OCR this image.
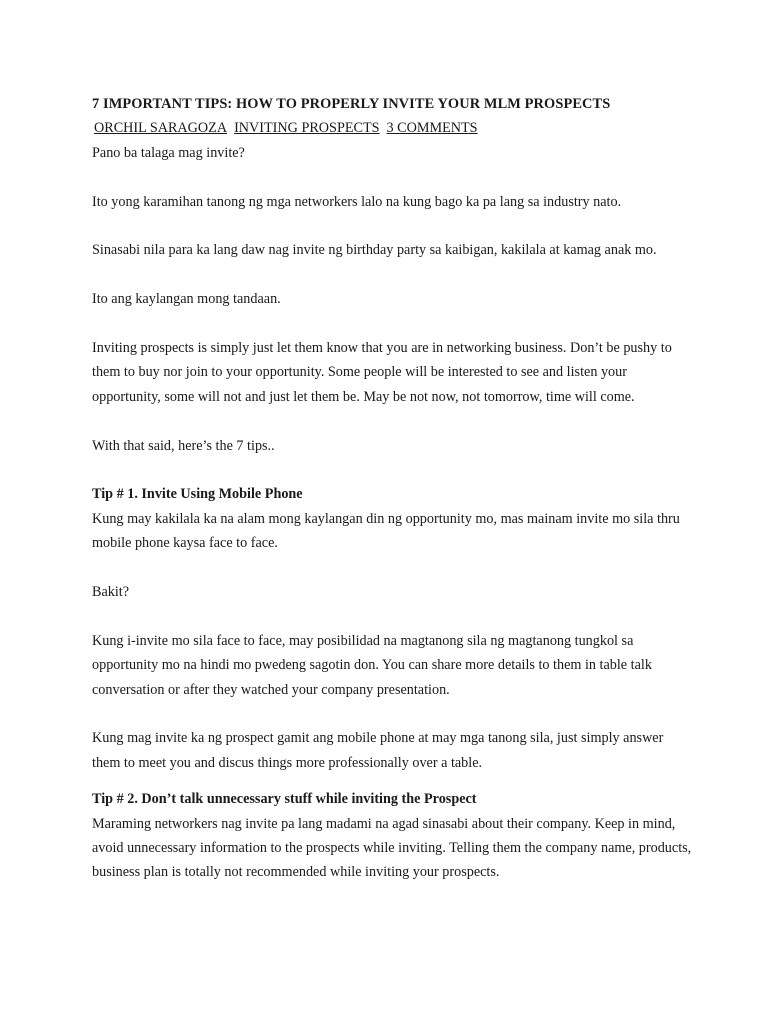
7 IMPORTANT TIPS: HOW TO PROPERLY INVITE YOUR MLM PROSPECTS

ORCHIL SARAGOZA INVITING PROSPECTS 3 COMMENTS

Pano ba talaga mag invite?

Ito yong karamihan tanong ng mga networkers lalo na kung bago ka pa lang sa industry nato.

Sinasabi nila para ka lang daw nag invite ng birthday party sa kaibigan, kakilala at kamag anak mo.

Ito ang kaylangan mong tandaan.

Inviting prospects is simply just let them know that you are in networking business. Don’t be pushy to them to buy nor join to your opportunity. Some people will be interested to see and listen your opportunity, some will not and just let them be. May be not now, not tomorrow, time will come.

With that said, here’s the 7 tips..

Tip # 1. Invite Using Mobile Phone

Kung may kakilala ka na alam mong kaylangan din ng opportunity mo, mas mainam invite mo sila thru mobile phone kaysa face to face.

Bakit?

Kung i-invite mo sila face to face, may posibilidad na magtanong sila ng magtanong tungkol sa opportunity mo na hindi mo pwedeng sagotin don. You can share more details to them in table talk conversation or after they watched your company presentation.

Kung mag invite ka ng prospect gamit ang mobile phone at may mga tanong sila, just simply answer them to meet you and discus things more professionally over a table.

Tip # 2. Don’t talk unnecessary stuff while inviting the Prospect

Maraming networkers nag invite pa lang madami na agad sinasabi about their company. Keep in mind, avoid unnecessary information to the prospects while inviting. Telling them the company name, products, business plan is totally not recommended while inviting your prospects.
